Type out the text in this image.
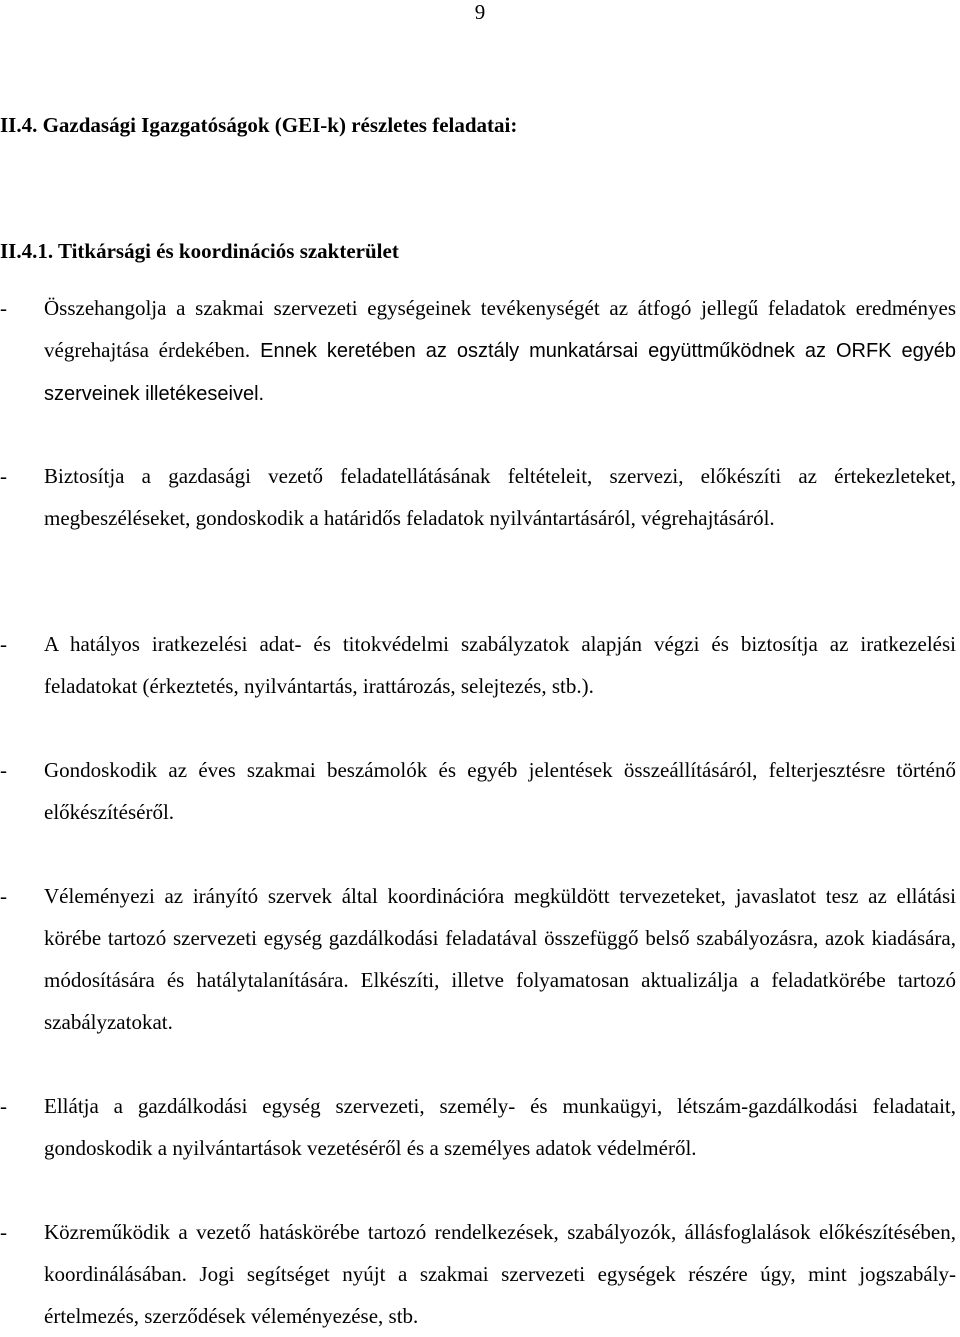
9
II.4. Gazdasági Igazgatóságok (GEI-k) részletes feladatai:
II.4.1. Titkársági és koordinációs szakterület
- Összehangolja a szakmai szervezeti egységeinek tevékenységét az átfogó jellegű feladatok eredményes végrehajtása érdekében. Ennek keretében az osztály munkatársai együttműködnek az ORFK egyéb szerveinek illetékeseivel.
- Biztosítja a gazdasági vezető feladatellátásának feltételeit, szervezi, előkészíti az értekezleteket, megbeszéléseket, gondoskodik a határidős feladatok nyilvántartásáról, végrehajtásáról.
- A hatályos iratkezelési adat- és titokvédelmi szabályzatok alapján végzi és biztosítja az iratkezelési feladatokat (érkeztetés, nyilvántartás, irattározás, selejtezés, stb.).
- Gondoskodik az éves szakmai beszámolók és egyéb jelentések összeállításáról, felterjesztésre történő előkészítéséről.
- Véleményezi az irányító szervek által koordinációra megküldött tervezeteket, javaslatot tesz az ellátási körébe tartozó szervezeti egység gazdálkodási feladatával összefüggő belső szabályozásra, azok kiadására, módosítására és hatálytalanítására. Elkészíti, illetve folyamatosan aktualizálja a feladatkörébe tartozó szabályzatokat.
- Ellátja a gazdálkodási egység szervezeti, személy- és munkaügyi, létszám-gazdálkodási feladatait, gondoskodik a nyilvántartások vezetéséről és a személyes adatok védelméről.
- Közreműködik a vezető hatáskörébe tartozó rendelkezések, szabályozók, állásfoglalások előkészítésében, koordinálásában. Jogi segítséget nyújt a szakmai szervezeti egységek részére úgy, mint jogszabály-értelmezés, szerződések véleményezése, stb.
